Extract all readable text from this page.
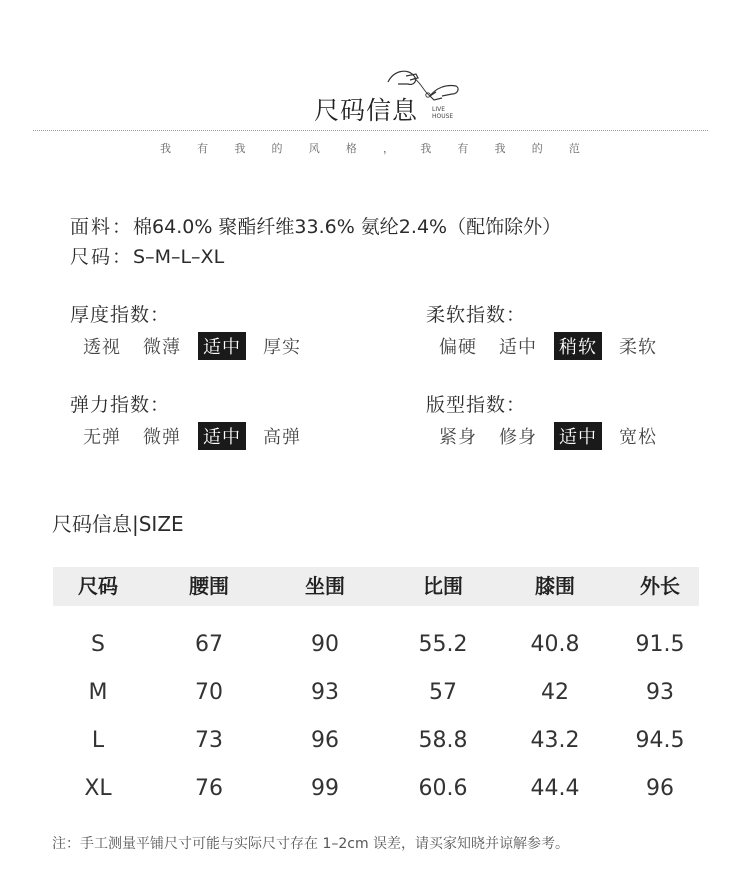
尺码信息 LIVE
HOUSE
我 有 我 的 风 格 ， 我 有 我 的 范
面料：棉64.0% 聚酯纤维33.6% 氨纶2.4%（配饰除外）
尺码：S–M–L–XL
厚度指数：
透视 微薄 适中 厚实
柔软指数：
偏硬 适中 稍软 柔软
弹力指数：
无弹 微弹 适中 高弹
版型指数：
紧身 修身 适中 宽松
尺码信息|SIZE
尺码	腰围	坐围	比围	膝围	外长
S	67	90	55.2	40.8	91.5
M	70	93	57	42	93
L	73	96	58.8	43.2	94.5
XL	76	99	60.6	44.4	96
注：手工测量平铺尺寸可能与实际尺寸存在 1–2cm 误差，请买家知晓并谅解参考。
